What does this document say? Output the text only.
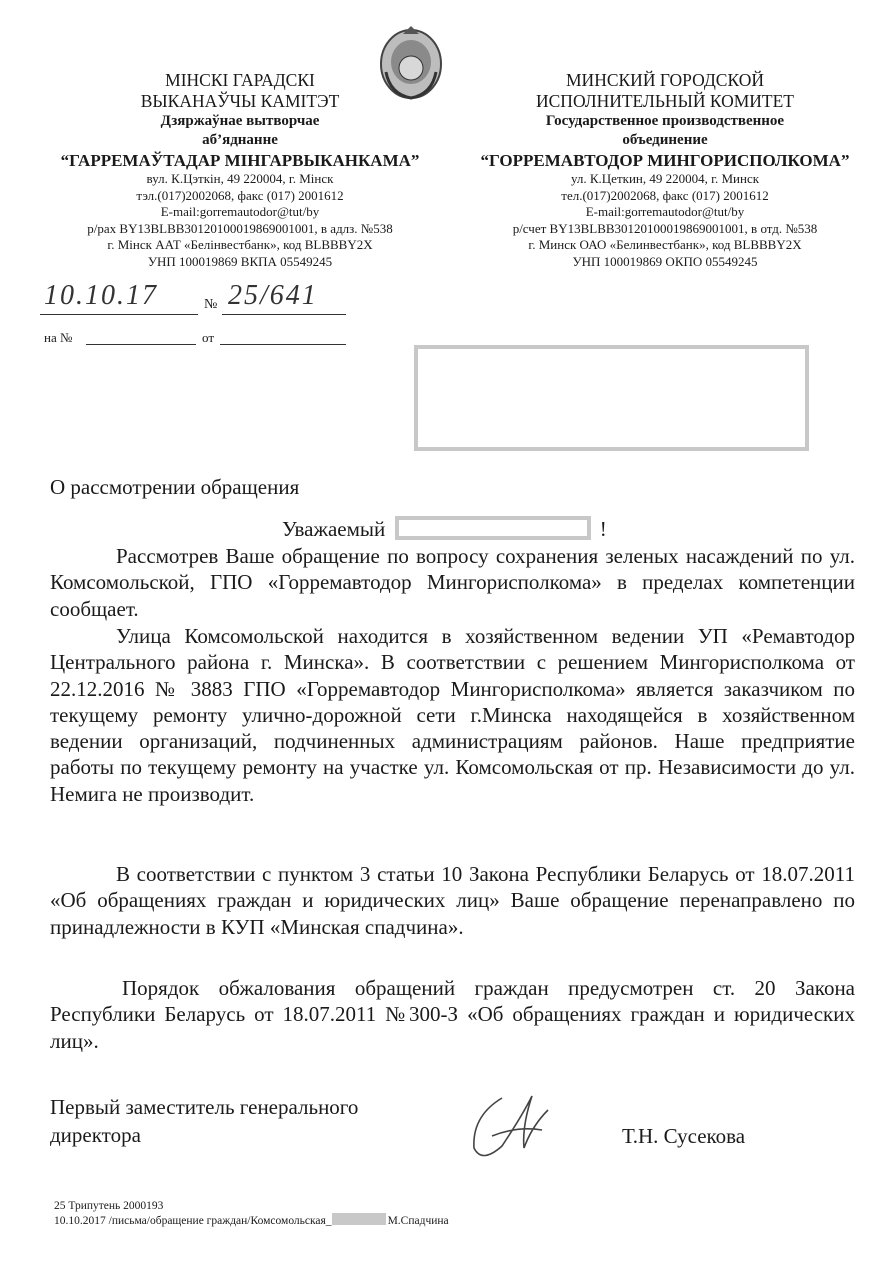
МІНСКІ ГАРАДСКІ
ВЫКАНАЎЧЫ КАМІТЭТ
Дзяржаўнае вытворчае
аб’яднанне
“ГАРРЕМАЎТАДАР МІНГАРВЫКАНКАМА”
вул. К.Цэткін, 49 220004, г. Мінск
тэл.(017)2002068, факс (017) 2001612
E-mail:gorremautodor@tut/by
р/рах BY13BLBB30120100019869001001, в адлз. №538
г. Мінск ААТ «Белінвестбанк», код BLBBBY2X
УНП 100019869 ВКПА 05549245
МИНСКИЙ ГОРОДСКОЙ
ИСПОЛНИТЕЛЬНЫЙ КОМИТЕТ
Государственное производственное
объединение
“ГОРРЕМАВТОДОР МИНГОРИСПОЛКОМА”
ул. К.Цеткин, 49 220004, г. Минск
тел.(017)2002068, факс (017) 2001612
E-mail:gorremautodor@tut/by
р/счет BY13BLBB30120100019869001001, в отд. №538
г. Минск ОАО «Белинвестбанк», код BLBBBY2X
УНП 100019869 ОКПО 05549245
10.10.17	№ 25/641
на №	от
О рассмотрении обращения
Уважаемый	!
Рассмотрев Ваше обращение по вопросу сохранения зеленых насаждений по ул. Комсомольской, ГПО «Горремавтодор Мингорисполкома» в пределах компетенции сообщает.
Улица Комсомольской находится в хозяйственном ведении УП «Ремавтодор Центрального района г. Минска». В соответствии с решением Мингорисполкома от 22.12.2016 № 3883 ГПО «Горремавтодор Мингорисполкома» является заказчиком по текущему ремонту улично-дорожной сети г.Минска находящейся в хозяйственном ведении организаций, подчиненных администрациям районов. Наше предприятие работы по текущему ремонту на участке ул. Комсомольская от пр. Независимости до ул. Немига не производит.
В соответствии с пунктом 3 статьи 10 Закона Республики Беларусь от 18.07.2011 «Об обращениях граждан и юридических лиц» Ваше обращение перенаправлено по принадлежности в КУП «Минская спадчина».
Порядок обжалования обращений граждан предусмотрен ст. 20 Закона Республики Беларусь от 18.07.2011 №300-З «Об обращениях граждан и юридических лиц».
Первый заместитель генерального
директора	Т.Н. Сусекова
25 Трипутень 2000193
10.10.2017 /письма/обращение граждан/Комсомольская_	М.Спадчина
